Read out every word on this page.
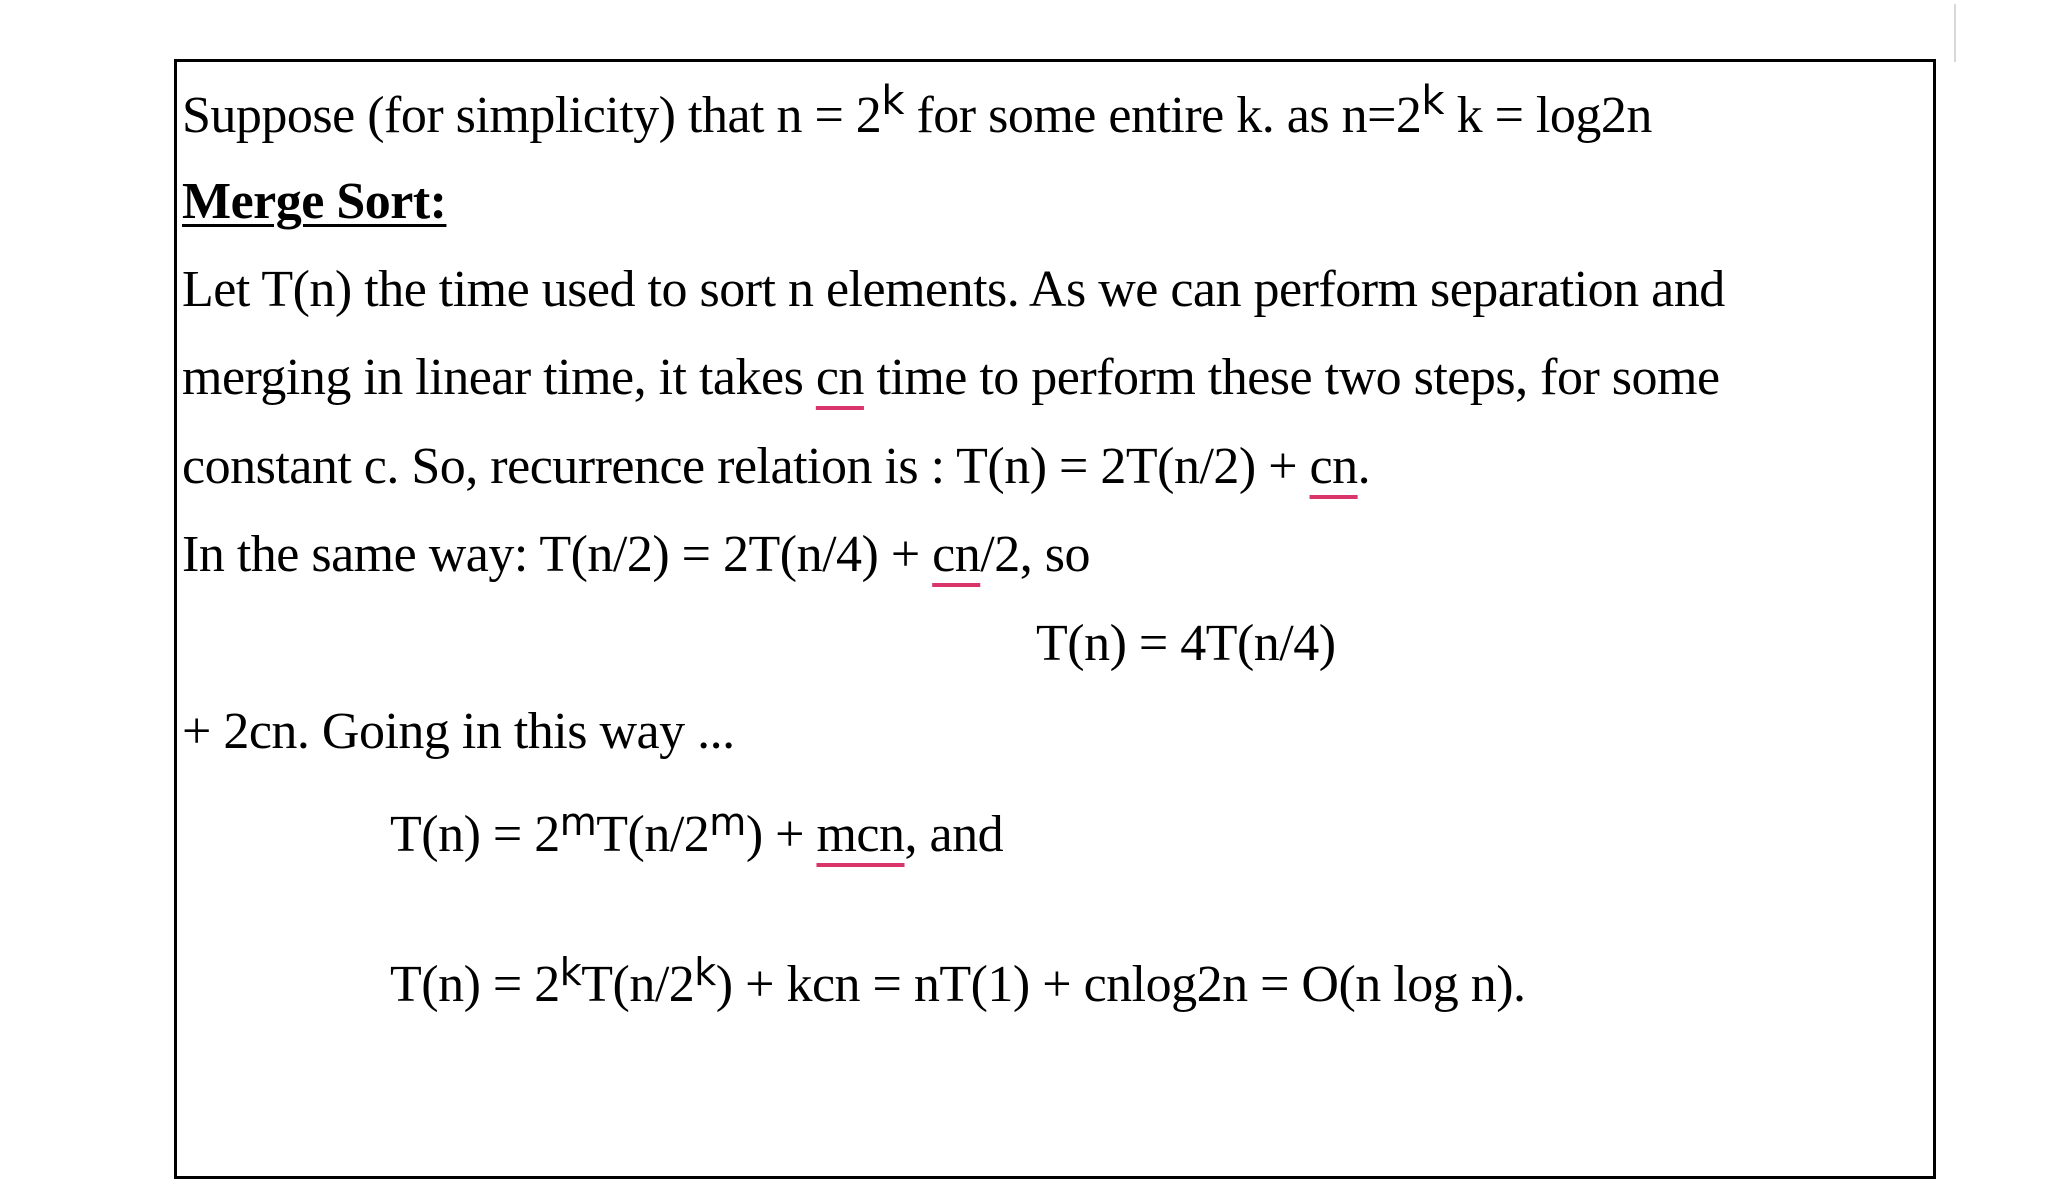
Suppose (for simplicity) that $n = 2^k$ for some entire k. as $n=2^k$ k = log2n
Merge Sort:
Let T(n) the time used to sort n elements. As we can perform separation and
merging in linear time, it takes cn time to perform these two steps, for some
constant c. So, recurrence relation is : T(n) = 2T(n/2) + cn.
In the same way: T(n/2) = 2T(n/4) + cn/2, so
T(n) = 4T(n/4)
+ 2cn. Going in this way ...
$T(n) = 2^mT(n/2^m)$ + mcn, and
$T(n) = 2^kT(n/2^k)$ + kcn = nT(1) + cnlog2n = O(n log n).
